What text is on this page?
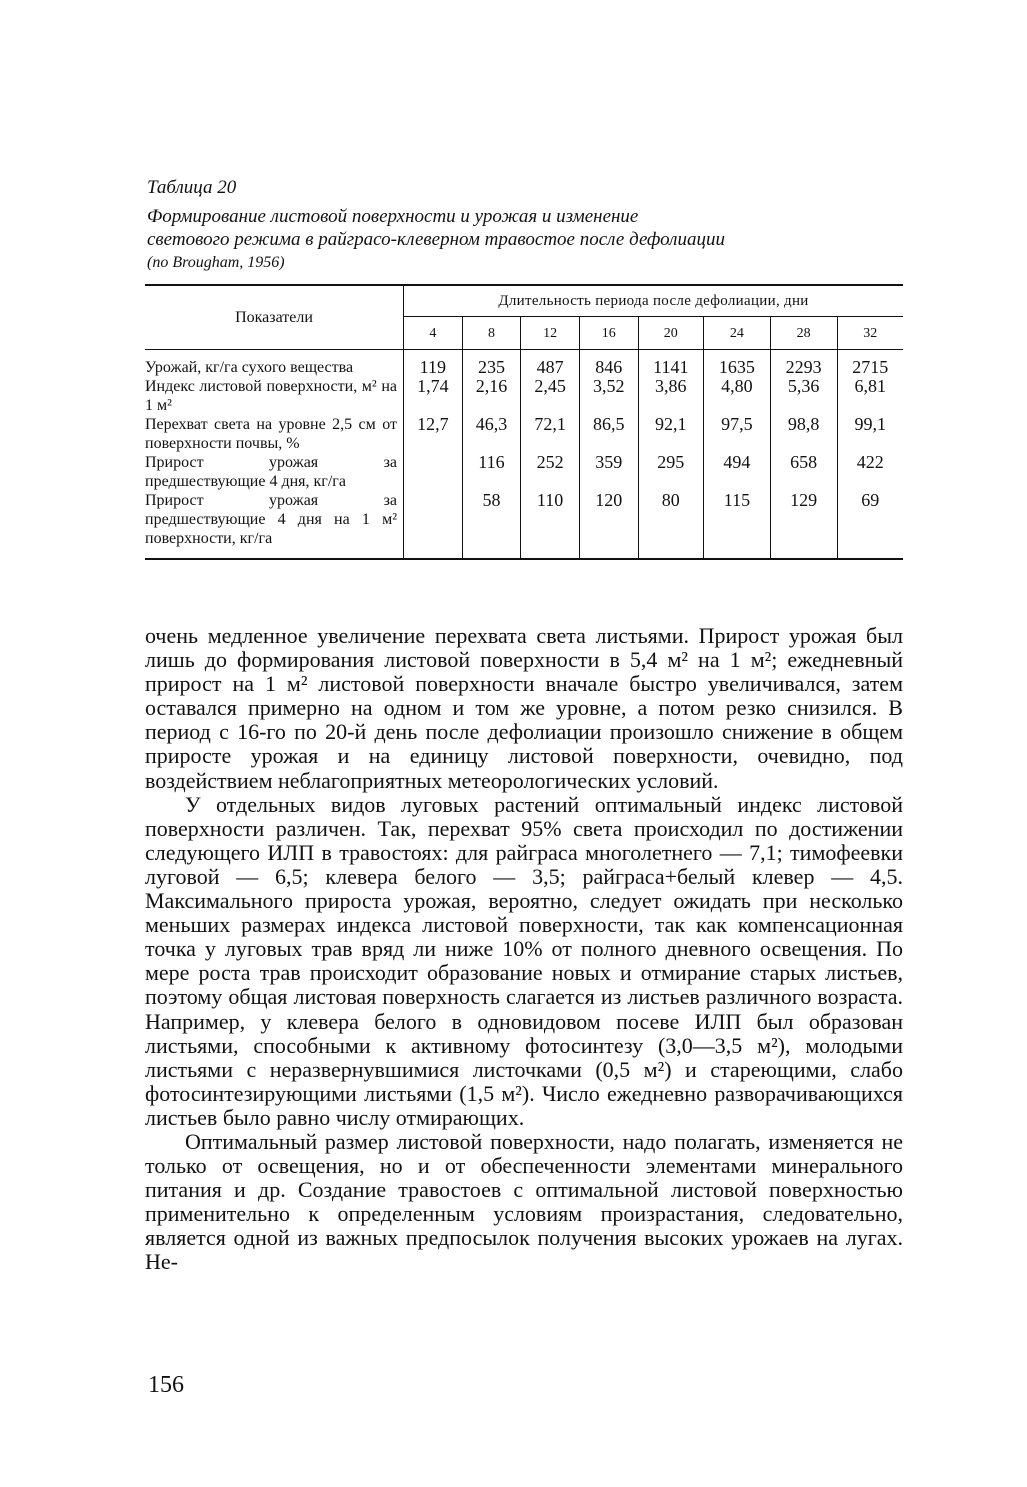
Таблица 20
Формирование листовой поверхности и урожая и изменение
светового режима в райграсо-клеверном травостое после дефолиации
(по Brougham, 1956)
Показатели	Длительность периода после дефолиации, дни							
	4	8	12	16	20	24	28	32
Урожай, кг/га сухого вещества	119	235	487	846	1141	1635	2293	2715
Индекс листовой поверхности, м² на 1 м²	1,74	2,16	2,45	3,52	3,86	4,80	5,36	6,81
Перехват света на уровне 2,5 см от поверхности почвы, %	12,7	46,3	72,1	86,5	92,1	97,5	98,8	99,1
Прирост урожая за предшествующие 4 дня, кг/га		116	252	359	295	494	658	422
Прирост урожая за предшествующие 4 дня на 1 м² поверхности, кг/га		58	110	120	80	115	129	69

очень медленное увеличение перехвата света листьями. Прирост урожая был лишь до формирования листовой поверхности в 5,4 м² на 1 м²; ежедневный прирост на 1 м² листовой поверхности вначале быстро увеличивался, затем оставался примерно на одном и том же уровне, а потом резко снизился. В период с 16-го по 20-й день после дефолиации произошло снижение в общем приросте урожая и на единицу листовой поверхности, очевидно, под воздействием неблагоприятных метеорологических условий.

У отдельных видов луговых растений оптимальный индекс листовой поверхности различен. Так, перехват 95% света происходил по достижении следующего ИЛП в травостоях: для райграса многолетнего — 7,1; тимофеевки луговой — 6,5; клевера белого — 3,5; райграса+белый клевер — 4,5. Максимального прироста урожая, вероятно, следует ожидать при несколько меньших размерах индекса листовой поверхности, так как компенсационная точка у луговых трав вряд ли ниже 10% от полного дневного освещения. По мере роста трав происходит образование новых и отмирание старых листьев, поэтому общая листовая поверхность слагается из листьев различного возраста. Например, у клевера белого в одновидовом посеве ИЛП был образован листьями, способными к активному фотосинтезу (3,0—3,5 м²), молодыми листьями с неразвернувшимися листочками (0,5 м²) и стареющими, слабо фотосинтезирующими листьями (1,5 м²). Число ежедневно разворачивающихся листьев было равно числу отмирающих.

Оптимальный размер листовой поверхности, надо полагать, изменяется не только от освещения, но и от обеспеченности элементами минерального питания и др. Создание травостоев с оптимальной листовой поверхностью применительно к определенным условиям произрастания, следовательно, является одной из важных предпосылок получения высоких урожаев на лугах. Не-

156
